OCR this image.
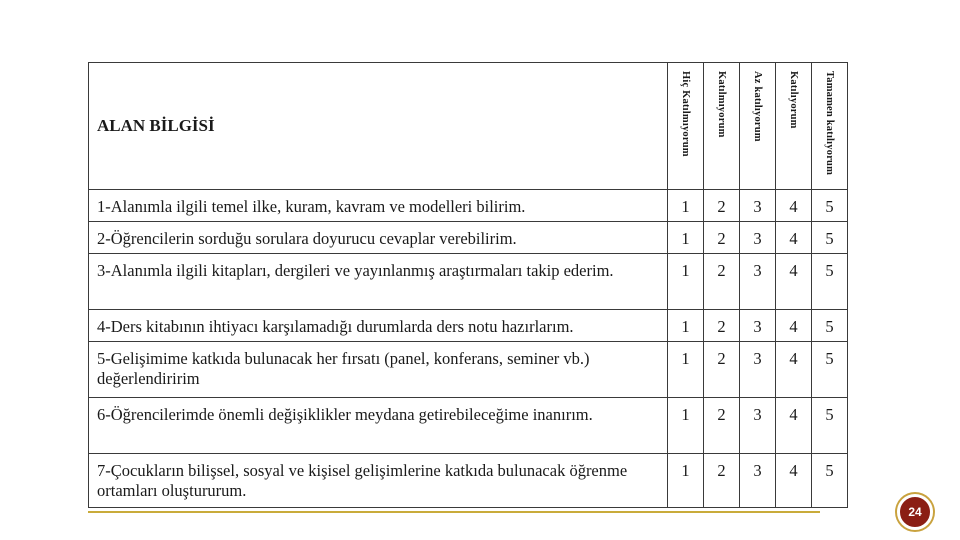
ALAN BİLGİSİ	Hiç Katılmıyorum	Katılmıyorum	Az katılıyorum	Katılıyorum	Tamamen katılıyorum

1-Alanımla ilgili temel ilke, kuram, kavram ve modelleri bilirim.	1	2	3	4	5
2-Öğrencilerin sorduğu sorulara doyurucu cevaplar verebilirim.	1	2	3	4	5
3-Alanımla ilgili kitapları, dergileri ve yayınlanmış araştırmaları takip ederim.	1	2	3	4	5
4-Ders kitabının ihtiyacı karşılamadığı durumlarda ders notu hazırlarım.	1	2	3	4	5
5-Gelişimime katkıda bulunacak her fırsatı (panel, konferans, seminer vb.) değerlendiririm	1	2	3	4	5
6-Öğrencilerimde önemli değişiklikler meydana getirebileceğime inanırım.	1	2	3	4	5
7-Çocukların bilişsel, sosyal ve kişisel gelişimlerine katkıda bulunacak öğrenme ortamları oluştururum.	1	2	3	4	5
24
